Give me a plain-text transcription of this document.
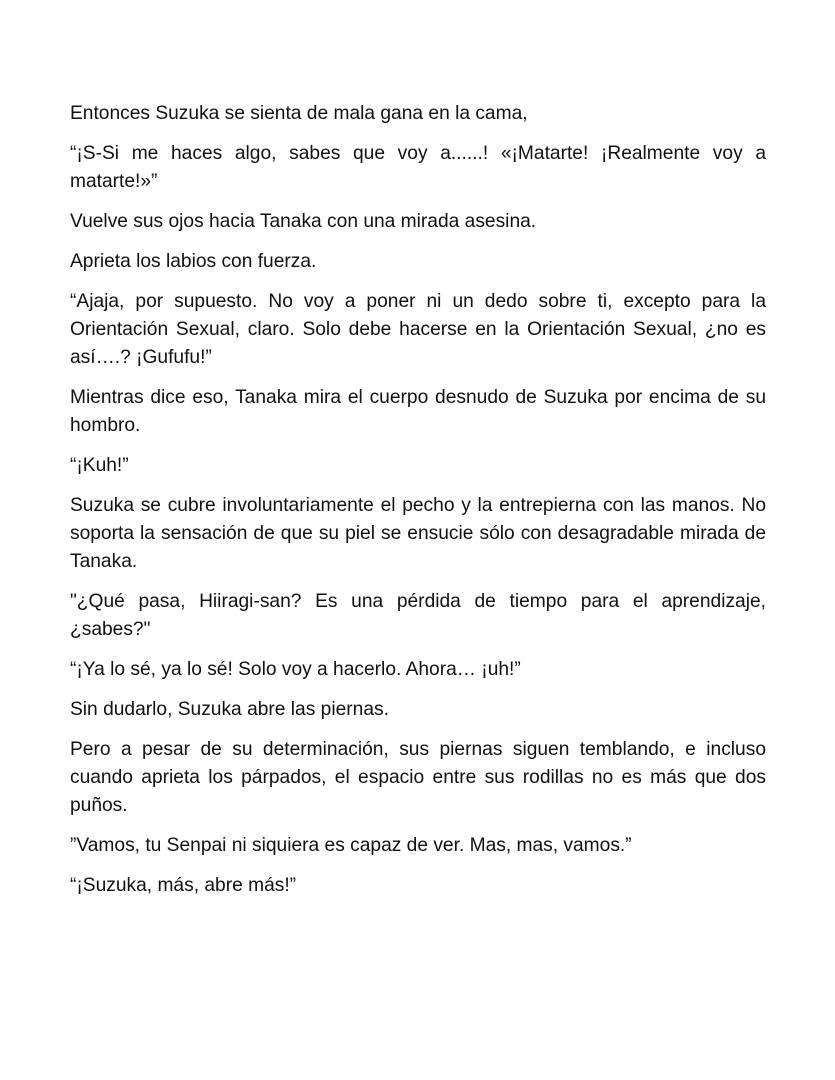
Entonces Suzuka se sienta de mala gana en la cama,

“¡S-Si me haces algo, sabes que voy a......! «¡Matarte! ¡Realmente voy a matarte!»”

Vuelve sus ojos hacia Tanaka con una mirada asesina.

Aprieta los labios con fuerza.

“Ajaja, por supuesto. No voy a poner ni un dedo sobre ti, excepto para la Orientación Sexual, claro. Solo debe hacerse en la Orientación Sexual, ¿no es así….? ¡Gufufu!”

Mientras dice eso, Tanaka mira el cuerpo desnudo de Suzuka por encima de su hombro.

“¡Kuh!”

Suzuka se cubre involuntariamente el pecho y la entrepierna con las manos. No soporta la sensación de que su piel se ensucie sólo con desagradable mirada de Tanaka.

"¿Qué pasa, Hiiragi-san? Es una pérdida de tiempo para el aprendizaje, ¿sabes?"

“¡Ya lo sé, ya lo sé! Solo voy a hacerlo. Ahora… ¡uh!”

Sin dudarlo, Suzuka abre las piernas.

Pero a pesar de su determinación, sus piernas siguen temblando, e incluso cuando aprieta los párpados, el espacio entre sus rodillas no es más que dos puños.

”Vamos, tu Senpai ni siquiera es capaz de ver. Mas, mas, vamos.”

“¡Suzuka, más, abre más!”
